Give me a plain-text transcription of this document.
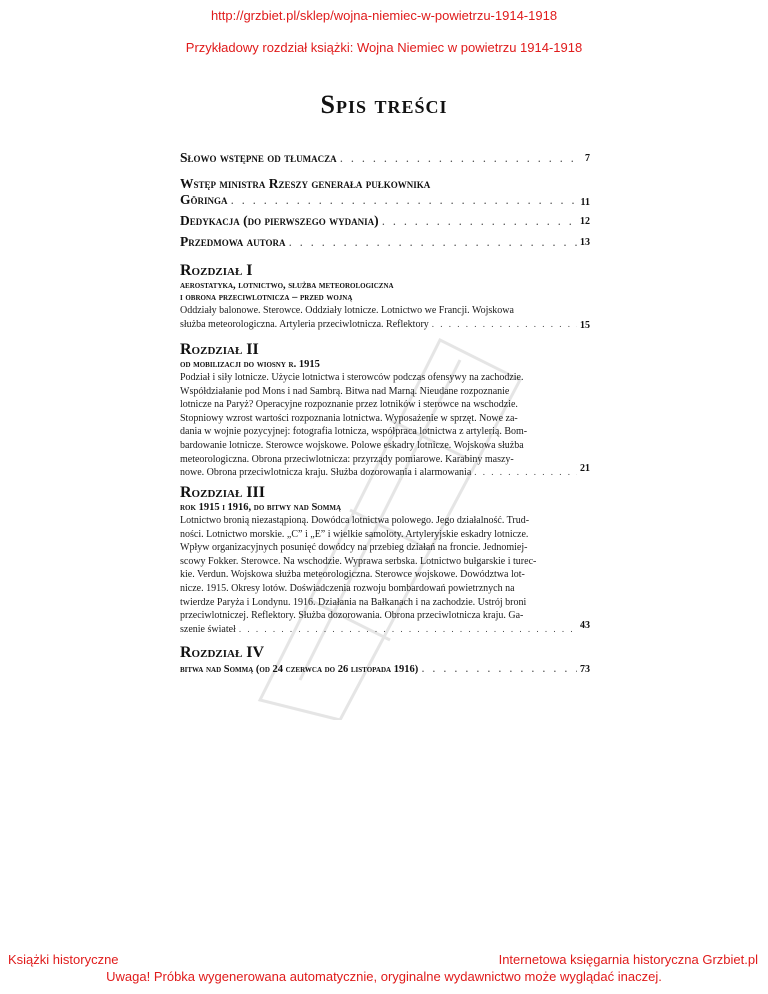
http://grzbiet.pl/sklep/wojna-niemiec-w-powietrzu-1914-1918
Przykładowy rozdział książki: Wojna Niemiec w powietrzu 1914-1918
Spis treści
Słowo wstępne od tłumacza . . .	7
Wstęp ministra Rzeszy generała pułkownika
Göringa . . .	11
Dedykacja (do pierwszego wydania) . . .	12
Przedmowa autora . . .	13
Rozdział I
aerostatyka, lotnictwo, służba meteorologiczna
i obrona przeciwlotnicza – przed wojną
Oddziały balonowe. Sterowce. Oddziały lotnicze. Lotnictwo we Francji. Wojskowa
służba meteorologiczna. Artyleria przeciwlotnicza. Reflektory . . .	15
Rozdział II
od mobilizacji do wiosny r. 1915
Podział i siły lotnicze. Użycie lotnictwa i sterowców podczas ofensywy na zachodzie.
Współdziałanie pod Mons i nad Sambrą. Bitwa nad Marną. Nieudane rozpoznanie
lotnicze na Paryż? Operacyjne rozpoznanie przez lotników i sterowce na wschodzie.
Stopniowy wzrost wartości rozpoznania lotnictwa. Wyposażenie w sprzęt. Nowe za-
dania w wojnie pozycyjnej: fotografia lotnicza, współpraca lotnictwa z artylerią. Bom-
bardowanie lotnicze. Sterowce wojskowe. Polowe eskadry lotnicze. Wojskowa służba
meteorologiczna. Obrona przeciwlotnicza: przyrządy pomiarowe. Karabiny maszy-
nowe. Obrona przeciwlotnicza kraju. Służba dozorowania i alarmowania . . .	21
Rozdział III
rok 1915 i 1916, do bitwy nad Sommą
Lotnictwo bronią niezastąpioną. Dowódca lotnictwa polowego. Jego działalność. Trud-
ności. Lotnictwo morskie. „C” i „E” i wielkie samoloty. Artyleryjskie eskadry lotnicze.
Wpływ organizacyjnych posunięć dowódcy na przebieg działań na froncie. Jednomiej-
scowy Fokker. Sterowce. Na wschodzie. Wyprawa serbska. Lotnictwo bułgarskie i turec-
kie. Verdun. Wojskowa służba meteorologiczna. Sterowce wojskowe. Dowództwa lot-
nicze. 1915. Okresy lotów. Doświadczenia rozwoju bombardowań powietrznych na
twierdze Paryża i Londynu. 1916. Działania na Bałkanach i na zachodzie. Ustrój broni
przeciwlotniczej. Reflektory. Służba dozorowania. Obrona przeciwlotnicza kraju. Ga-
szenie świateł . . .	43
Rozdział IV
bitwa nad Sommą (od 24 czerwca do 26 listopada 1916) . . .	73
Książki historyczne	Internetowa księgarnia historyczna Grzbiet.pl
Uwaga! Próbka wygenerowana automatycznie, oryginalne wydawnictwo może wyglądać inaczej.
